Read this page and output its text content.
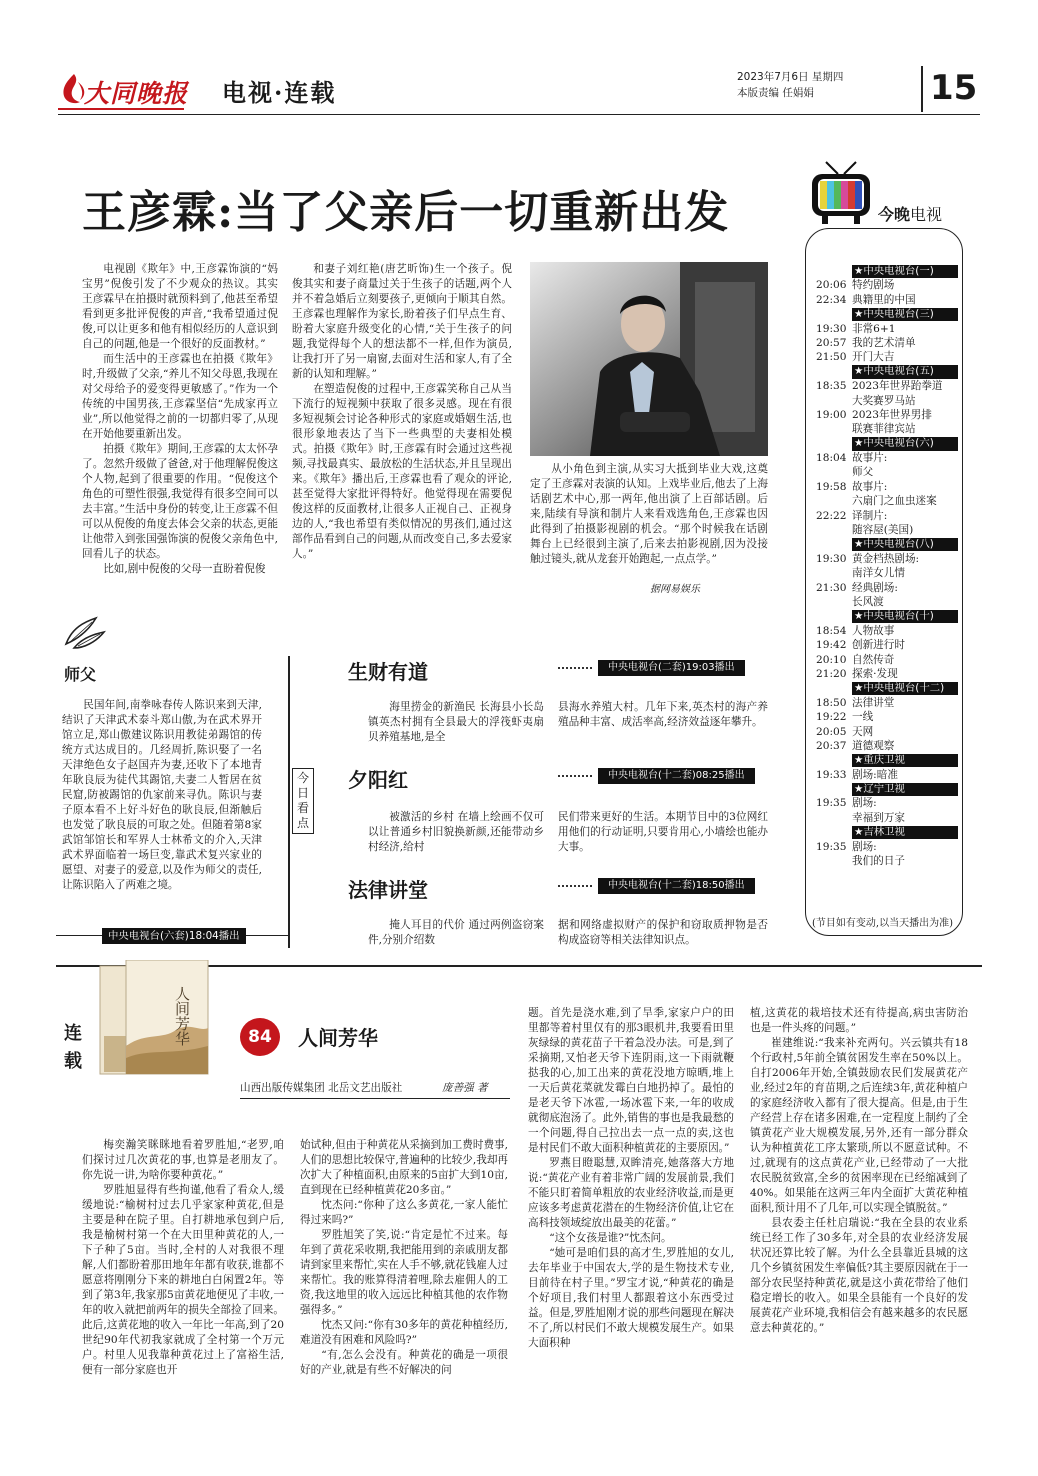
大同晚报 电视·连载
2023年7月6日 星期四
本版责编 任娟娟	15
王彦霖:当了父亲后一切重新出发

电视剧《欺年》中,王彦霖饰演的“妈宝男”倪俊引发了不少观众的热议。其实王彦霖早在拍摄时就预料到了,他甚至希望看到更多批评倪俊的声音,“我希望通过倪俊,可以让更多和他有相似经历的人意识到自己的问题,他是一个很好的反面教材。”

而生活中的王彦霖也在拍摄《欺年》时,升级做了父亲,“养儿不知父母恩,我现在对父母给予的爱变得更敏感了。”作为一个传统的中国男孩,王彦霖坚信“先成家再立业”,所以他觉得之前的一切都归零了,从现在开始他要重新出发。

拍摄《欺年》期间,王彦霖的太太怀孕了。忽然升级做了爸爸,对于他理解倪俊这个人物,起到了很重要的作用。“倪俊这个角色的可塑性很强,我觉得有很多空间可以去丰富。”生活中身份的转变,让王彦霖不但可以从倪俊的角度去体会父亲的状态,更能让他带入到张国强饰演的倪俊父亲角色中,回看儿子的状态。

比如,剧中倪俊的父母一直盼着倪俊

和妻子刘红艳(唐艺昕饰)生一个孩子。倪俊其实和妻子商量过关于生孩子的话题,两个人并不着急婚后立刻要孩子,更倾向于顺其自然。王彦霖也理解作为家长,盼着孩子们早点生育、盼着大家庭升级变化的心情,“关于生孩子的问题,我觉得每个人的想法都不一样,但作为演员,让我打开了另一扇窗,去面对生活和家人,有了全新的认知和理解。”

在塑造倪俊的过程中,王彦霖笑称自己从当下流行的短视频中获取了很多灵感。现在有很多短视频会讨论各种形式的家庭或婚姻生活,也很形象地表达了当下一些典型的夫妻相处模式。拍摄《欺年》时,王彦霖有时会通过这些视频,寻找最真实、最放松的生活状态,并且呈现出来。《欺年》播出后,王彦霖也看了观众的评论,甚至觉得大家批评得特好。他觉得现在需要倪俊这样的反面教材,让很多人正视自己、正视身边的人,“我也希望有类似情况的男孩们,通过这部作品看到自己的问题,从而改变自己,多去爱家人。”

从小角色到主演,从实习大抵到毕业大戏,这奠定了王彦霖对表演的认知。上戏毕业后,他去了上海话剧艺术中心,那一两年,他出演了上百部话剧。后来,陆续有导演和制片人来看戏选角色,王彦霖也因此得到了拍摄影视剧的机会。“那个时候我在话剧舞台上已经很到主演了,后来去拍影视剧,因为没接触过镜头,就从龙套开始跑起,一点点学。”

据网易娱乐
今晚电视
★中央电视台(一)
20:06 特约剧场
22:34 典籍里的中国
★中央电视台(三)
19:30 非常6+1
20:57 我的艺术清单
21:50 开门大吉
★中央电视台(五)
18:35 2023年世界跆拳道
大奖赛罗马站
19:00 2023年世界男排
联赛菲律宾站
★中央电视台(六)
18:04 故事片:
师父
19:58 故事片:
六扇门之血虫迷案
22:22 译制片:
随容屋(美国)
★中央电视台(八)
19:30 黄金档热剧场:
南洋女儿情
21:30 经典剧场:
长风渡
★中央电视台(十)
18:54 人物故事
19:42 创新进行时
20:10 自然传奇
21:20 探索·发现
★中央电视台(十二)
18:50 法律讲堂
19:22 一线
20:05 天网
20:37 道德观察
★重庆卫视
19:33 剧场:暗准
★辽宁卫视
19:35 剧场:
幸福到万家
★吉林卫视
19:35 剧场:
我们的日子
(节目如有变动,以当天播出为准)
师父

民国年间,南拳咏春传人陈识来到天津,结识了天津武术泰斗郑山傲,为在武术界开馆立足,郑山傲建议陈识用教徒弟踢馆的传统方式达成目的。几经周折,陈识娶了一名天津绝色女子赵国卉为妻,还收下了本地青年耿良辰为徒代其踢馆,夫妻二人暂居在贫民窟,防被踢馆的仇家前来寻仇。陈识与妻子原本看不上好斗好色的耿良辰,但渐触后也发觉了耿良辰的可取之处。但随着第8家武馆邹馆长和军界人士林希文的介入,天津武术界面临着一场巨变,靠武术复兴家业的愿望、对妻子的爱意,以及作为师父的责任,让陈识陷入了两难之境。

中央电视台(六套)18:04播出
今日看点
生财有道	中央电视台(二套)19:03播出

海里捞金的新渔民 长海县小长岛镇英杰村拥有全县最大的浮筏虾夷扇贝养殖基地,是全

县海水养殖大村。几年下来,英杰村的海产养殖品种丰富、成活率高,经济效益逐年攀升。

夕阳红	中央电视台(十二套)08:25播出

被激活的乡村 在墙上绘画不仅可以让普通乡村旧貌换新颜,还能带动乡村经济,给村

民们带来更好的生活。本期节目中的3位网红用他们的行动证明,只要肯用心,小墙绘也能办大事。

法律讲堂	中央电视台(十二套)18:50播出

掩人耳目的代价 通过两例盗窃案件,分别介绍数

据和网络虚拟财产的保护和窃取质押物是否构成盗窃等相关法律知识点。

连载
人间芳华	84	人间芳华
山西出版传媒集团 北岳文艺出版社	庞善强 著

梅奕瀚笑眯眯地看着罗胜旭,“老罗,咱们探讨过几次黄花的事,也算是老朋友了。你先说一讲,为啥你要种黄花。”

罗胜旭显得有些拘谨,他看了看众人,缓缓地说:“榆树村过去几乎家家种黄花,但是主要是种在院子里。自打耕地承包到户后,我是榆树村第一个在大田里种黄花的人,一下子种了5亩。当时,全村的人对我很不理解,人们都盼着那田地年年都有收获,谁都不愿意将刚刚分下来的耕地白白闲置2年。等到了第3年,我家那5亩黄花地便见了丰收,一年的收入就把前两年的损失全部捡了回来。此后,这黄花地的收入一年比一年高,到了20世纪90年代初我家就成了全村第一个万元户。村里人见我靠种黄花过上了富裕生活,便有一部分家庭也开

始试种,但由于种黄花从采摘到加工费时费事,人们的思想比较保守,普遍种的比较少,我却再次扩大了种植面积,由原来的5亩扩大到10亩,直到现在已经种植黄花20多亩。”

忱杰问:“你种了这么多黄花,一家人能忙得过来吗?”

罗胜旭笑了笑,说:“肯定是忙不过来。每年到了黄花采收期,我把能用到的亲戚朋友都请到家里来帮忙,实在人手不够,就花钱雇人过来帮忙。我的账算得清着哩,除去雇佣人的工资,我这地里的收入远远比种植其他的农作物强得多。”

忱杰又问:“你有30多年的黄花种植经历,难道没有困难和风险吗?”

“有,怎么会没有。种黄花的确是一项很好的产业,就是有些不好解决的问

题。首先是浇水难,到了旱季,家家户户的田里都等着村里仅有的那3眼机井,我要看田里灰绿绿的黄花苗子干着急没办法。可是,到了采摘期,又怕老天爷下连阴雨,这一下雨就鞭挞我的心,加工出来的黄花没地方晾晒,堆上一天后黄花菜就发霉白白地扔掉了。最怕的是老天爷下冰雹,一场冰雹下来,一年的收成就彻底泡汤了。此外,销售的事也是我最愁的一个问题,得自己拉出去一点一点的卖,这也是村民们不敢大面积种植黄花的主要原因。”

罗燕目瞪聪慧,双眸清亮,她落落大方地说:“黄花产业有着非常广阔的发展前景,我们不能只盯着简单粗放的农业经济收益,而是更应该多考虑黄花潜在的生物经济价值,让它在高科技领域绽放出最美的花蕾。”

“这个女孩是谁?”忱杰问。

“她可是咱们县的高才生,罗胜旭的女儿,去年毕业于中国农大,学的是生物技术专业,目前待在村子里。”罗宝才说,“种黄花的确是个好项目,我们村里人都跟着这小东西受过益。但是,罗胜旭刚才说的那些问题现在解决不了,所以村民们不敢大规模发展生产。如果大面积种

植,这黄花的栽培技术还有待提高,病虫害防治也是一件头疼的问题。”

崔建维说:“我来补充两句。兴云镇共有18个行政村,5年前全镇贫困发生率在50%以上。自打2006年开始,全镇鼓励农民们发展黄花产业,经过2年的育苗期,之后连续3年,黄花种植户的家庭经济收入都有了很大提高。但是,由于生产经营上存在诸多困难,在一定程度上制约了全镇黄花产业大规模发展,另外,还有一部分群众认为种植黄花工序太繁琐,所以不愿意试种。不过,就现有的这点黄花产业,已经带动了一大批农民脱贫致富,全乡的贫困率现在已经缩减到了40%。如果能在这两三年内全面扩大黄花种植面积,预计用不了几年,可以实现全镇脱贫。”

县农委主任杜启瑞说:“我在全县的农业系统已经工作了30多年,对全县的农业经济发展状况还算比较了解。为什么全县靠近县城的这几个乡镇贫困发生率偏低?其主要原因就在于一部分农民坚持种黄花,就是这小黄花带给了他们稳定增长的收入。如果全县能有一个良好的发展黄花产业环境,我相信会有越来越多的农民愿意去种黄花的。”
